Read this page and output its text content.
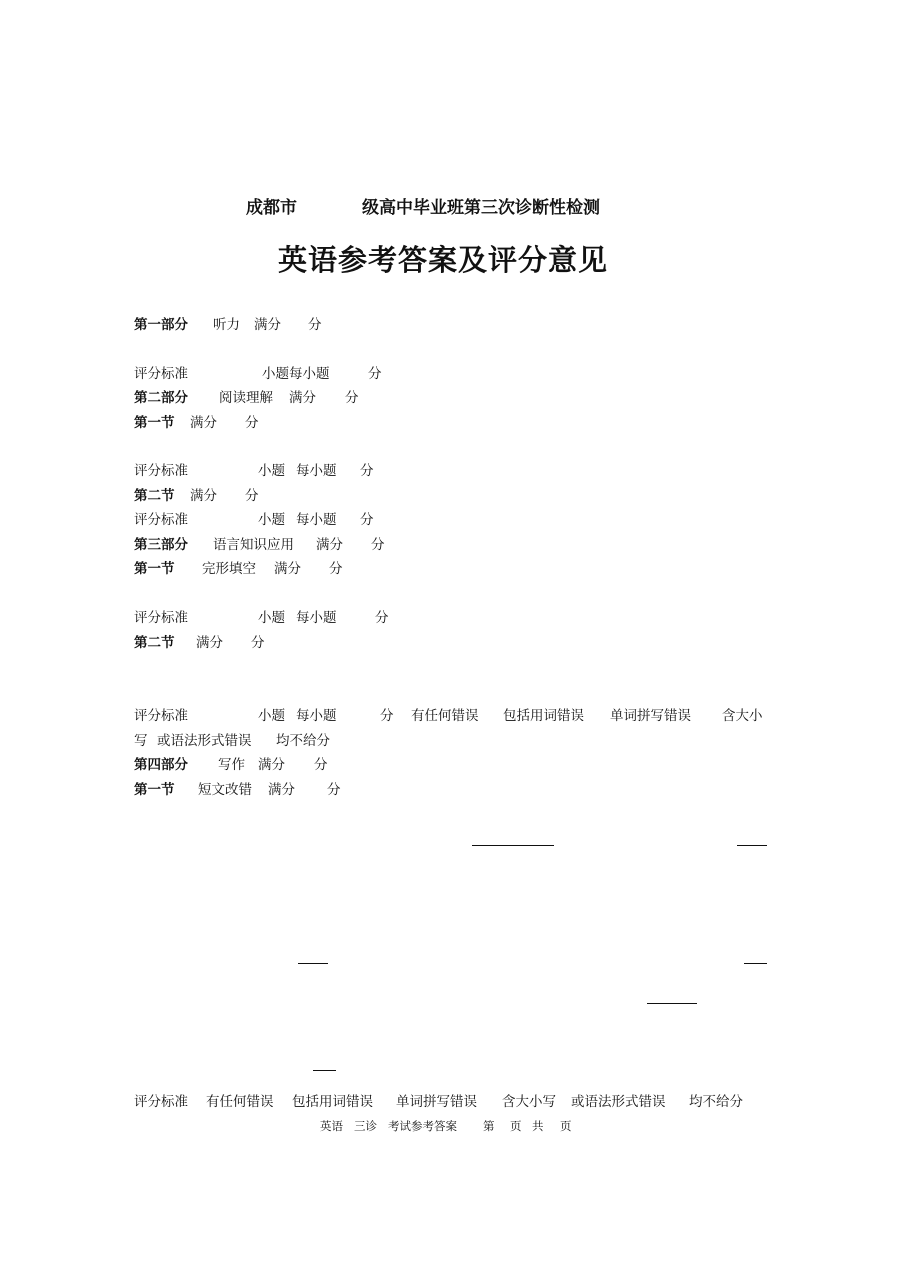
成都市	级高中毕业班第三次诊断性检测
英语参考答案及评分意见
第一部分 听力 满分 分
评分标准	小题 每小题	分
第二部分 阅读理解 满分 分
第一节 满分 分
评分标准	小题 每小题 分
第二节 满分 分
评分标准	小题 每小题 分
第三部分 语言知识应用 满分 分
第一节 完形填空 满分 分
评分标准	小题 每小题	分
第二节 满分 分
评分标准	小题 每小题	分 有任何错误 包括用词错误 单词拼写错误 含大小
写 或语法形式错误 均不给分
第四部分 写作 满分 分
第一节 短文改错 满分 分
评分标准 有任何错误 包括用词错误 单词拼写错误 含大小写 或语法形式错误 均不给分
英语 三诊 考试参考答案 第 页 共 页
